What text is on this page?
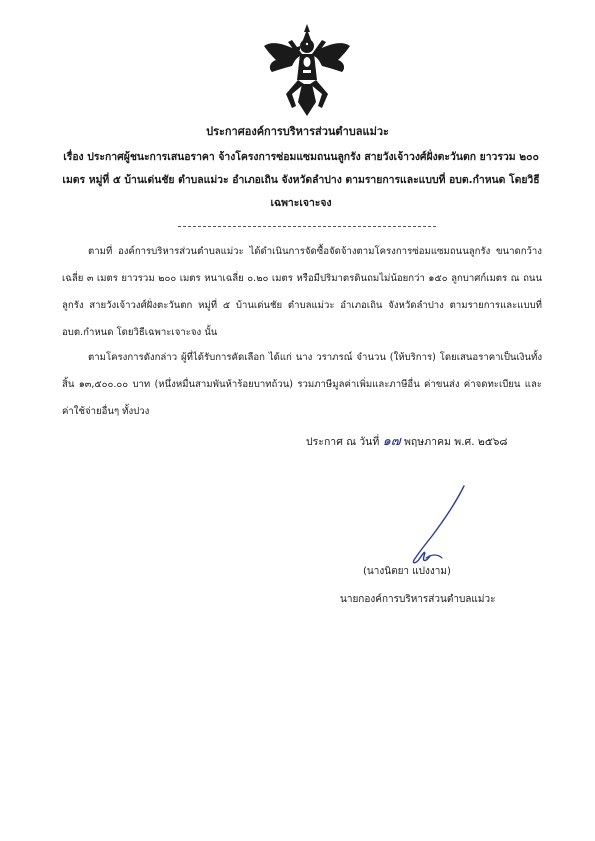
ประกาศองค์การบริหารส่วนตำบลแม่วะ
เรื่อง ประกาศผู้ชนะการเสนอราคา จ้างโครงการซ่อมแซมถนนลูกรัง สายวังเจ้าวงศ์ฝั่งตะวันตก ยาวรวม ๒๐๐ เมตร หมู่ที่ ๕ บ้านเด่นชัย ตำบลแม่วะ อำเภอเถิน จังหวัดลำปาง ตามรายการและแบบที่ อบต.กำหนด โดยวิธีเฉพาะเจาะจง
ตามที่ องค์การบริหารส่วนตำบลแม่วะ ได้ดำเนินการจัดซื้อจัดจ้างตามโครงการซ่อมแซมถนนลูกรัง ขนาดกว้างเฉลี่ย ๓ เมตร ยาวรวม ๒๐๐ เมตร หนาเฉลี่ย ๐.๒๐ เมตร หรือมีปริมาตรดินถมไม่น้อยกว่า ๑๕๐ ลูกบาศก์เมตร ณ ถนนลูกรัง สายวังเจ้าวงศ์ฝั่งตะวันตก หมู่ที่ ๕ บ้านเด่นชัย ตำบลแม่วะ อำเภอเถิน จังหวัดลำปาง ตามรายการและแบบที่ อบต.กำหนด โดยวิธีเฉพาะเจาะจง นั้น
ตามโครงการดังกล่าว ผู้ที่ได้รับการคัดเลือก ได้แก่ นาง วราภรณ์ จำนวน (ให้บริการ) โดยเสนอราคาเป็นเงินทั้งสิ้น ๑๓,๕๐๐.๐๐ บาท (หนึ่งหมื่นสามพันห้าร้อยบาทถ้วน) รวมภาษีมูลค่าเพิ่มและภาษีอื่น ค่าขนส่ง ค่าจดทะเบียน และค่าใช้จ่ายอื่นๆ ทั้งปวง
ประกาศ ณ วันที่ ๑๗ พฤษภาคม พ.ศ. ๒๕๖๘
(นางนิตยา แปงงาม)
นายกองค์การบริหารส่วนตำบลแม่วะ
